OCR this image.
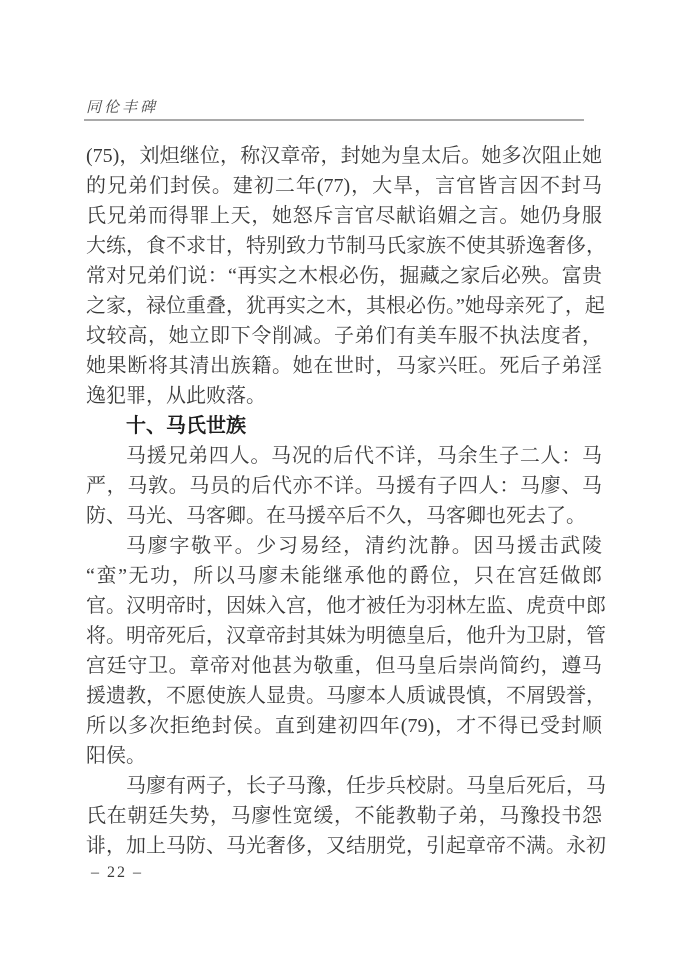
同伦丰碑
(75)，刘炟继位，称汉章帝，封她为皇太后。她多次阻止她
的兄弟们封侯。建初二年(77)，大旱，言官皆言因不封马
氏兄弟而得罪上天，她怒斥言官尽献谄媚之言。她仍身服
大练，食不求甘，特别致力节制马氏家族不使其骄逸奢侈，
常对兄弟们说：“再实之木根必伤，掘藏之家后必殃。富贵
之家，禄位重叠，犹再实之木，其根必伤。”她母亲死了，起
坟较高，她立即下令削减。子弟们有美车服不执法度者，
她果断将其清出族籍。她在世时，马家兴旺。死后子弟淫
逸犯罪，从此败落。
十、马氏世族
马援兄弟四人。马况的后代不详，马余生子二人：马
严，马敦。马员的后代亦不详。马援有子四人：马廖、马
防、马光、马客卿。在马援卒后不久，马客卿也死去了。
马廖字敬平。少习易经，清约沈静。因马援击武陵
“蛮”无功，所以马廖未能继承他的爵位，只在宫廷做郎
官。汉明帝时，因妹入宫，他才被任为羽林左监、虎贲中郎
将。明帝死后，汉章帝封其妹为明德皇后，他升为卫尉，管
宫廷守卫。章帝对他甚为敬重，但马皇后崇尚简约，遵马
援遗教，不愿使族人显贵。马廖本人质诚畏慎，不屑毁誉，
所以多次拒绝封侯。直到建初四年(79)，才不得已受封顺
阳侯。
马廖有两子，长子马豫，任步兵校尉。马皇后死后，马
氏在朝廷失势，马廖性宽缓，不能教勒子弟，马豫投书怨
诽，加上马防、马光奢侈，又结朋党，引起章帝不满。永初
– 22 –
